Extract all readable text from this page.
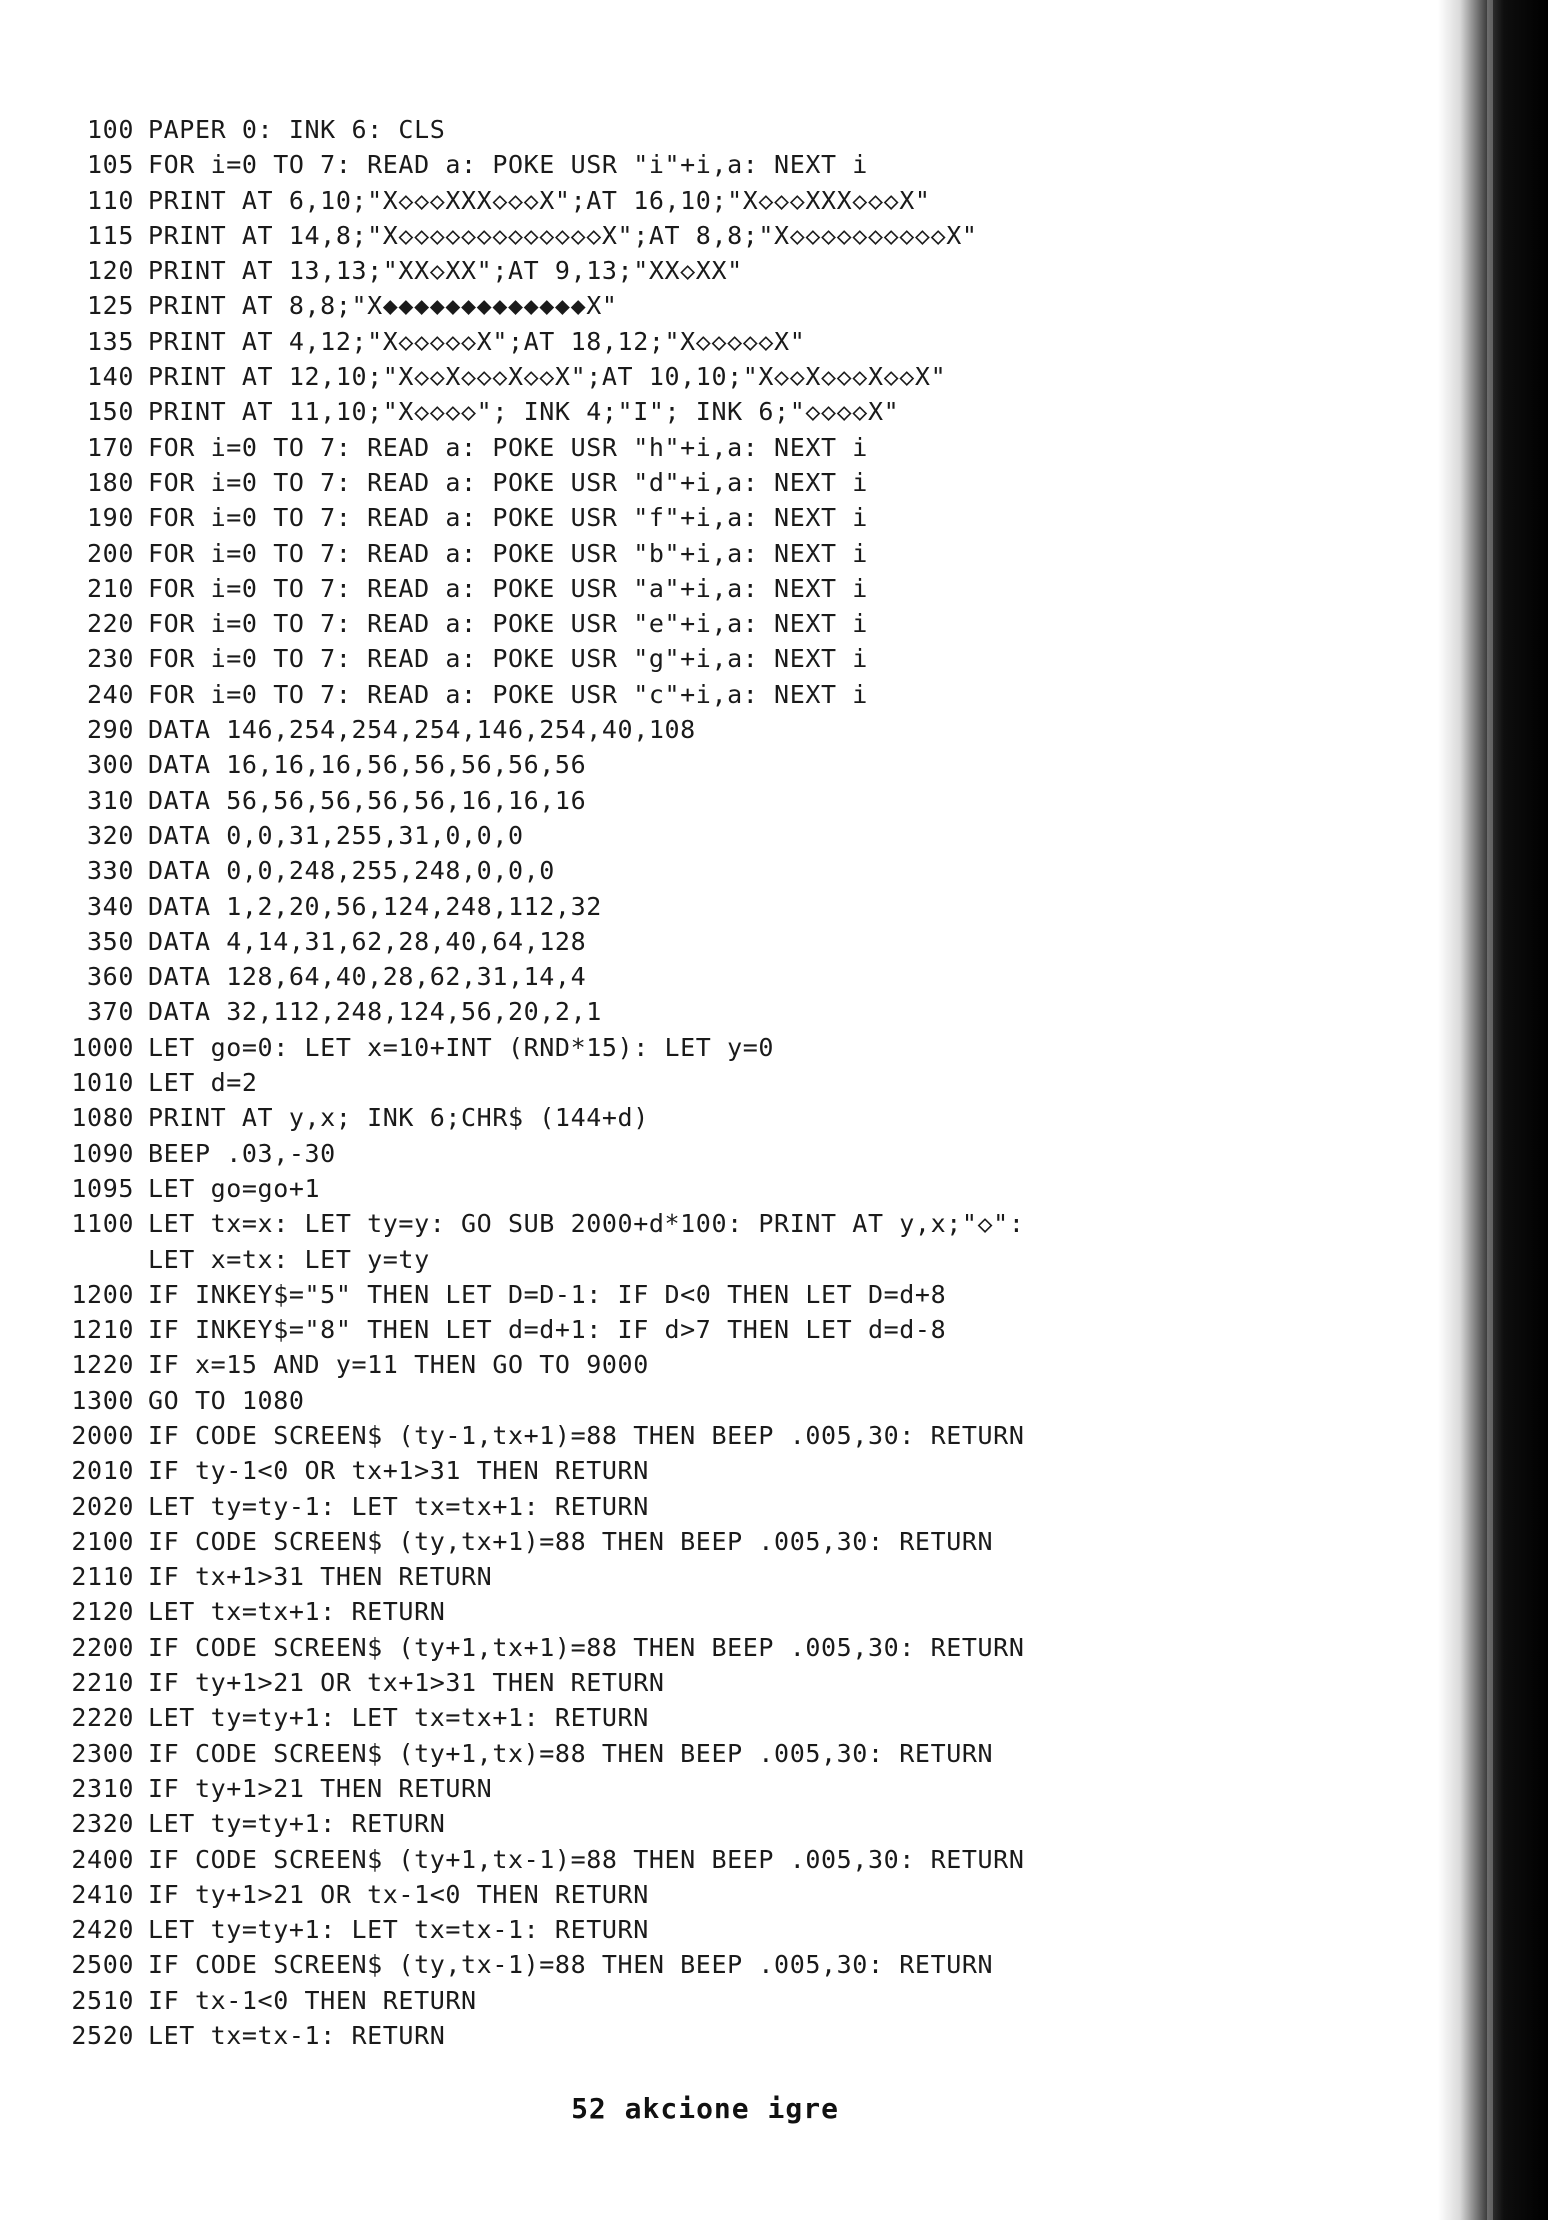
100 PAPER 0: INK 6: CLS
105 FOR i=0 TO 7: READ a: POKE USR "i"+i,a: NEXT i
110 PRINT AT 6,10;"X◇◇◇XXX◇◇◇X";AT 16,10;"X◇◇◇XXX◇◇◇X"
115 PRINT AT 14,8;"X◇◇◇◇◇◇◇◇◇◇◇◇◇X";AT 8,8;"X◇◇◇◇◇◇◇◇◇◇X"
120 PRINT AT 13,13;"XX◇XX";AT 9,13;"XX◇XX"
125 PRINT AT 8,8;"X◆◆◆◆◆◆◆◆◆◆◆◆◆X"
135 PRINT AT 4,12;"X◇◇◇◇◇X";AT 18,12;"X◇◇◇◇◇X"
140 PRINT AT 12,10;"X◇◇X◇◇◇X◇◇X";AT 10,10;"X◇◇X◇◇◇X◇◇X"
150 PRINT AT 11,10;"X◇◇◇◇"; INK 4;"I"; INK 6;"◇◇◇◇X"
170 FOR i=0 TO 7: READ a: POKE USR "h"+i,a: NEXT i
180 FOR i=0 TO 7: READ a: POKE USR "d"+i,a: NEXT i
190 FOR i=0 TO 7: READ a: POKE USR "f"+i,a: NEXT i
200 FOR i=0 TO 7: READ a: POKE USR "b"+i,a: NEXT i
210 FOR i=0 TO 7: READ a: POKE USR "a"+i,a: NEXT i
220 FOR i=0 TO 7: READ a: POKE USR "e"+i,a: NEXT i
230 FOR i=0 TO 7: READ a: POKE USR "g"+i,a: NEXT i
240 FOR i=0 TO 7: READ a: POKE USR "c"+i,a: NEXT i
290 DATA 146,254,254,254,146,254,40,108
300 DATA 16,16,16,56,56,56,56,56
310 DATA 56,56,56,56,56,16,16,16
320 DATA 0,0,31,255,31,0,0,0
330 DATA 0,0,248,255,248,0,0,0
340 DATA 1,2,20,56,124,248,112,32
350 DATA 4,14,31,62,28,40,64,128
360 DATA 128,64,40,28,62,31,14,4
370 DATA 32,112,248,124,56,20,2,1
1000 LET go=0: LET x=10+INT (RND*15): LET y=0
1010 LET d=2
1080 PRINT AT y,x; INK 6;CHR$ (144+d)
1090 BEEP .03,-30
1095 LET go=go+1
1100 LET tx=x: LET ty=y: GO SUB 2000+d*100: PRINT AT y,x;"◇":
LET x=tx: LET y=ty
1200 IF INKEY$="5" THEN LET D=D-1: IF D<0 THEN LET D=d+8
1210 IF INKEY$="8" THEN LET d=d+1: IF d>7 THEN LET d=d-8
1220 IF x=15 AND y=11 THEN GO TO 9000
1300 GO TO 1080
2000 IF CODE SCREEN$ (ty-1,tx+1)=88 THEN BEEP .005,30: RETURN
2010 IF ty-1<0 OR tx+1>31 THEN RETURN
2020 LET ty=ty-1: LET tx=tx+1: RETURN
2100 IF CODE SCREEN$ (ty,tx+1)=88 THEN BEEP .005,30: RETURN
2110 IF tx+1>31 THEN RETURN
2120 LET tx=tx+1: RETURN
2200 IF CODE SCREEN$ (ty+1,tx+1)=88 THEN BEEP .005,30: RETURN
2210 IF ty+1>21 OR tx+1>31 THEN RETURN
2220 LET ty=ty+1: LET tx=tx+1: RETURN
2300 IF CODE SCREEN$ (ty+1,tx)=88 THEN BEEP .005,30: RETURN
2310 IF ty+1>21 THEN RETURN
2320 LET ty=ty+1: RETURN
2400 IF CODE SCREEN$ (ty+1,tx-1)=88 THEN BEEP .005,30: RETURN
2410 IF ty+1>21 OR tx-1<0 THEN RETURN
2420 LET ty=ty+1: LET tx=tx-1: RETURN
2500 IF CODE SCREEN$ (ty,tx-1)=88 THEN BEEP .005,30: RETURN
2510 IF tx-1<0 THEN RETURN
2520 LET tx=tx-1: RETURN
52 akcione igre
